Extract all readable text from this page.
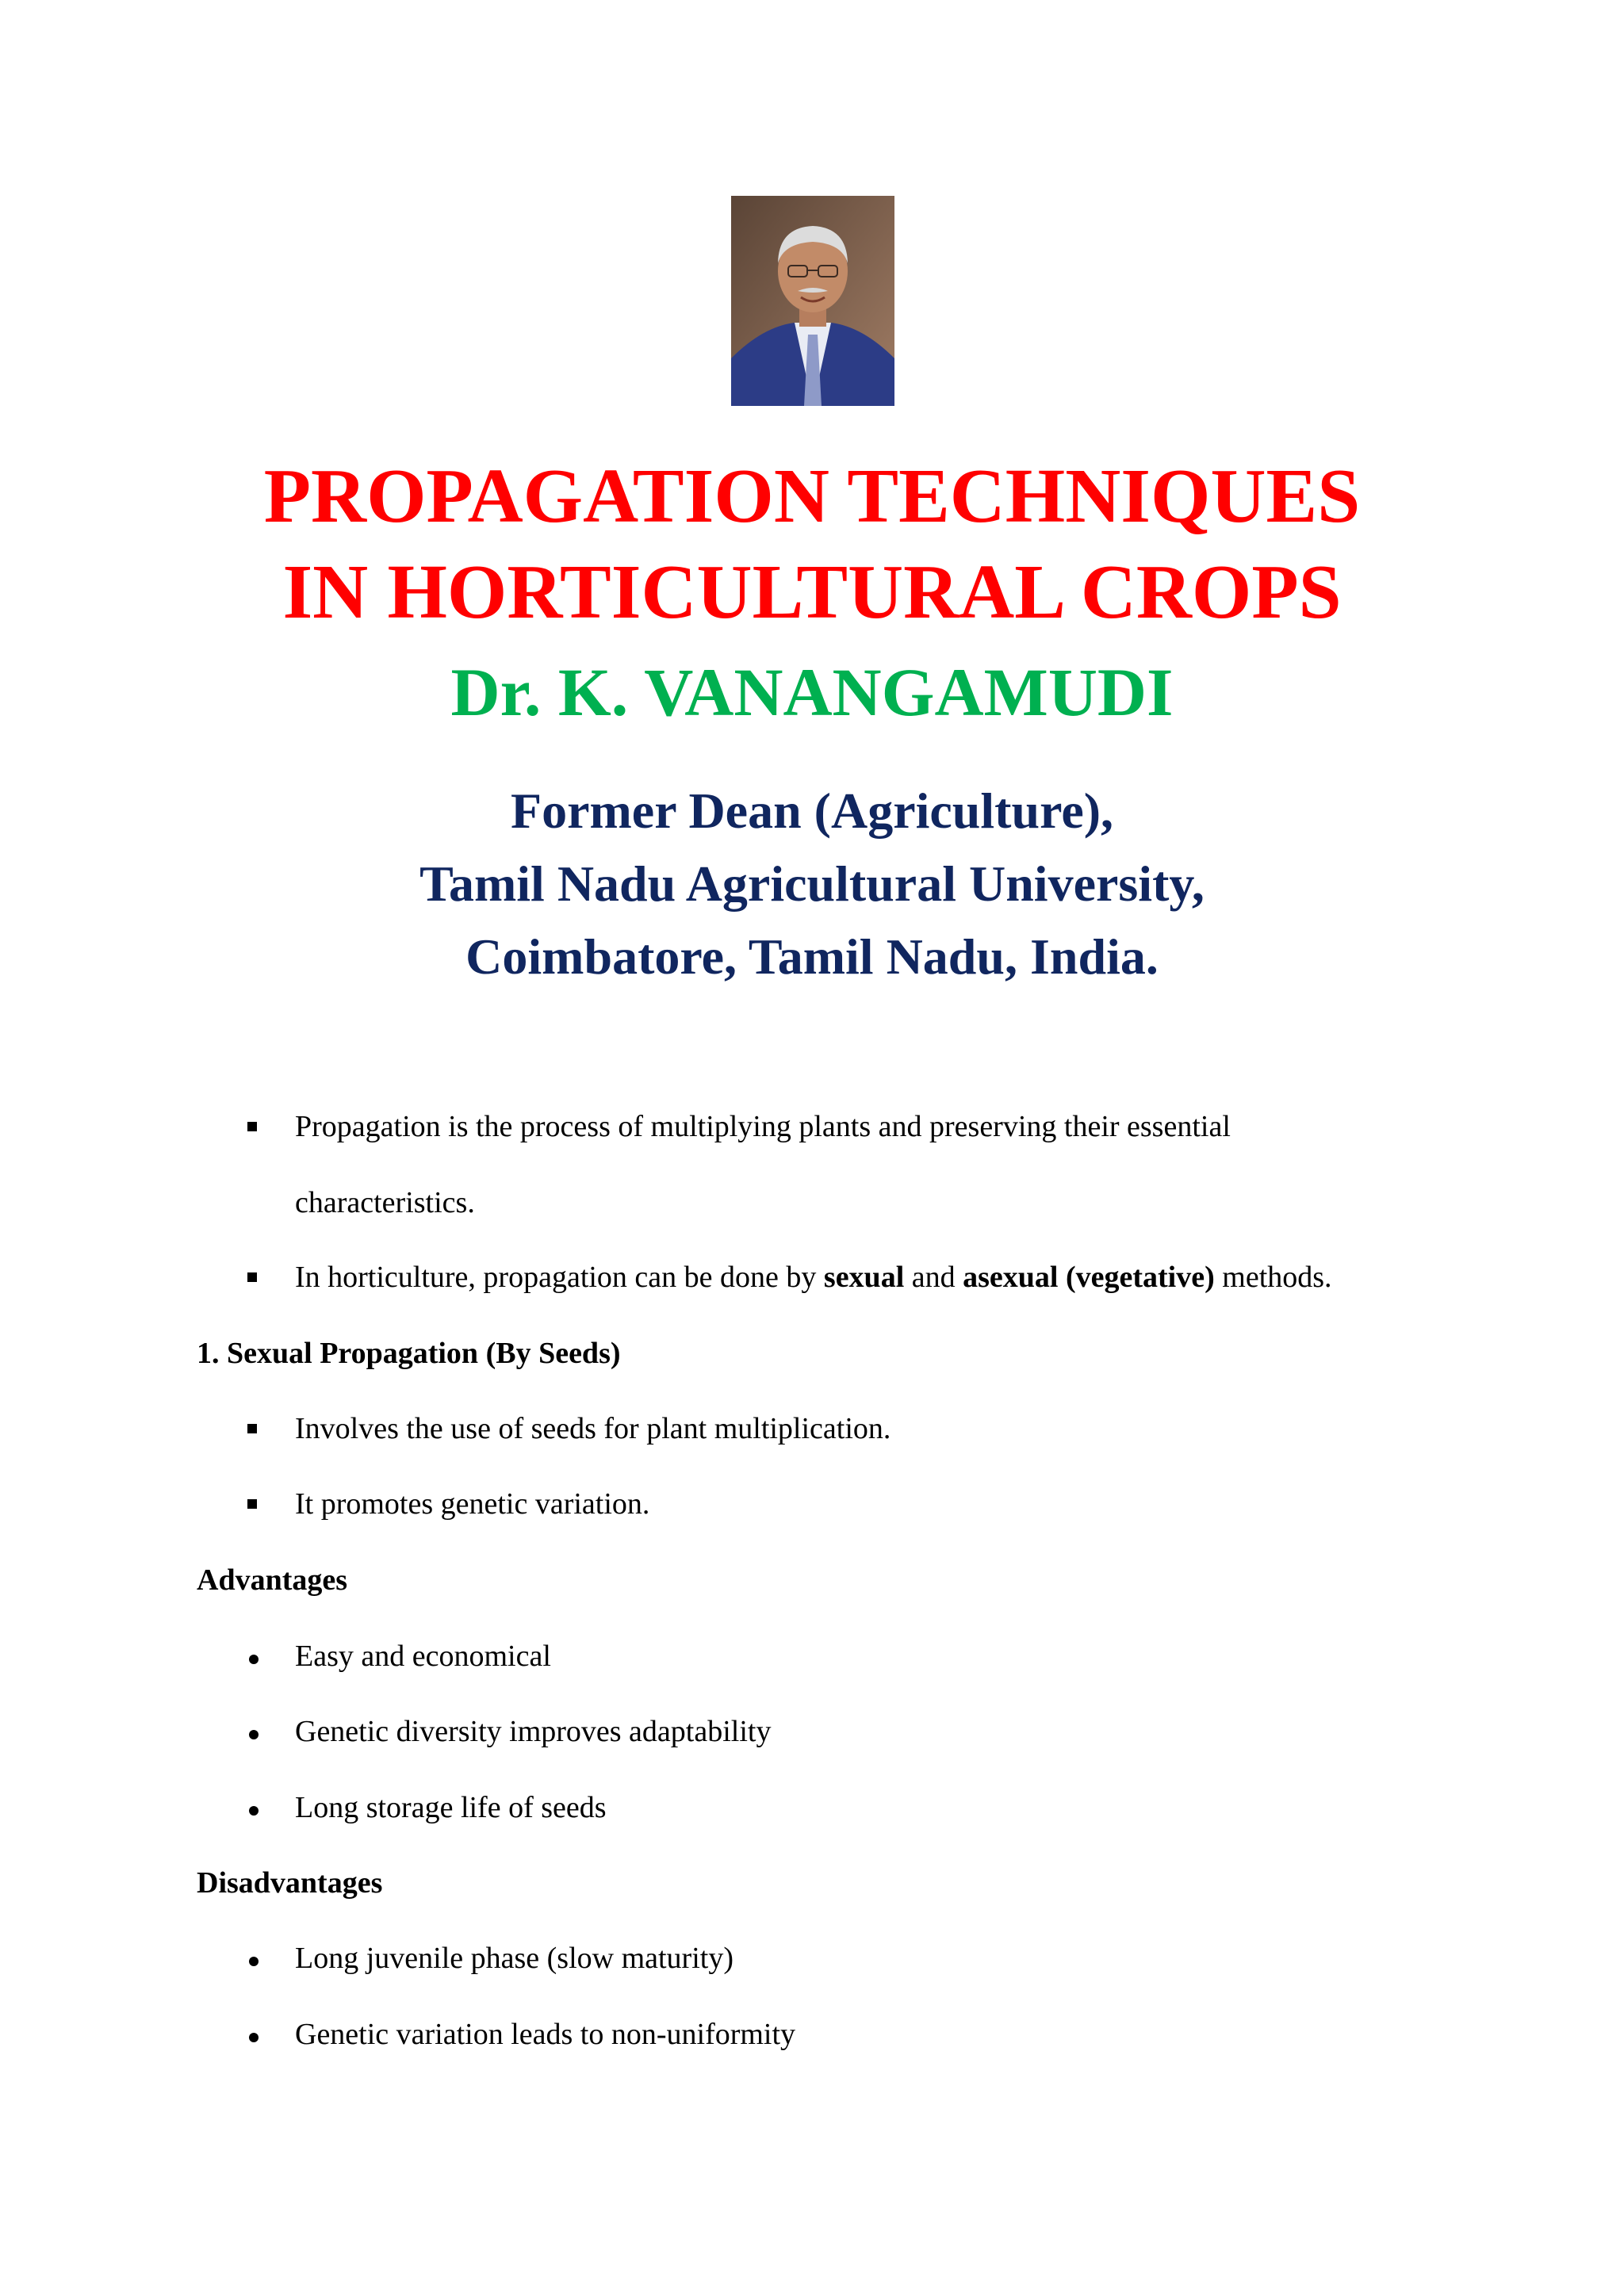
PROPAGATION TECHNIQUES
IN HORTICULTURAL CROPS
Dr. K. VANANGAMUDI
Former Dean (Agriculture),
Tamil Nadu Agricultural University,
Coimbatore, Tamil Nadu, India.
Propagation is the process of multiplying plants and preserving their essential
characteristics.
In horticulture, propagation can be done by sexual and asexual (vegetative) methods.
1. Sexual Propagation (By Seeds)
Involves the use of seeds for plant multiplication.
It promotes genetic variation.
Advantages
Easy and economical
Genetic diversity improves adaptability
Long storage life of seeds
Disadvantages
Long juvenile phase (slow maturity)
Genetic variation leads to non-uniformity
